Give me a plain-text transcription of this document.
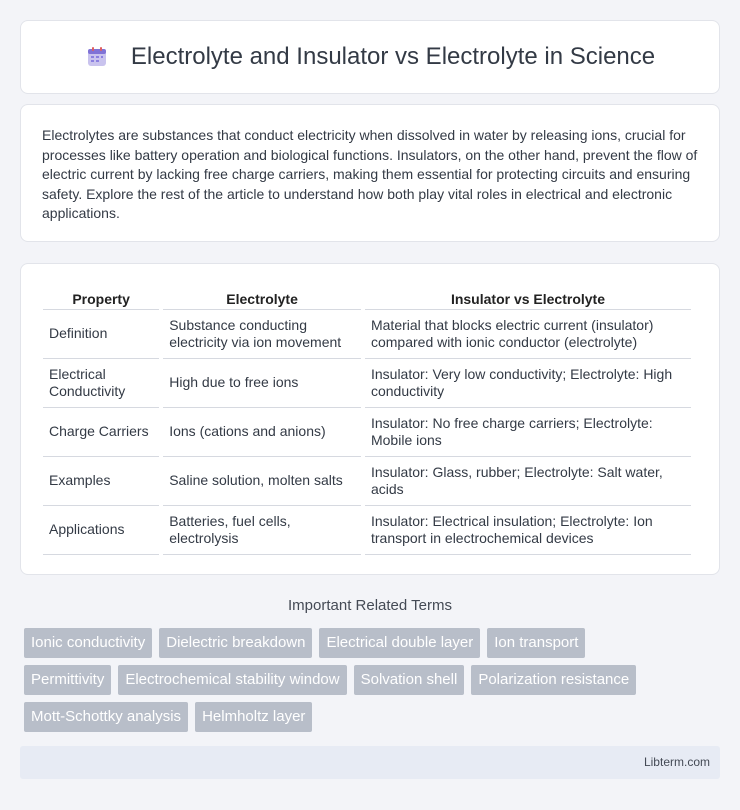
Electrolyte and Insulator vs Electrolyte in Science

Electrolytes are substances that conduct electricity when dissolved in water by releasing ions, crucial for processes like battery operation and biological functions. Insulators, on the other hand, prevent the flow of electric current by lacking free charge carriers, making them essential for protecting circuits and ensuring safety. Explore the rest of the article to understand how both play vital roles in electrical and electronic applications.

Property	Electrolyte	Insulator vs Electrolyte
Definition	Substance conducting electricity via ion movement	Material that blocks electric current (insulator) compared with ionic conductor (electrolyte)
Electrical Conductivity	High due to free ions	Insulator: Very low conductivity; Electrolyte: High conductivity
Charge Carriers	Ions (cations and anions)	Insulator: No free charge carriers; Electrolyte: Mobile ions
Examples	Saline solution, molten salts	Insulator: Glass, rubber; Electrolyte: Salt water, acids
Applications	Batteries, fuel cells, electrolysis	Insulator: Electrical insulation; Electrolyte: Ion transport in electrochemical devices
Important Related Terms
Ionic conductivity	Dielectric breakdown	Electrical double layer	Ion transport
Permittivity	Electrochemical stability window	Solvation shell	Polarization resistance
Mott-Schottky analysis	Helmholtz layer
Libterm.com
